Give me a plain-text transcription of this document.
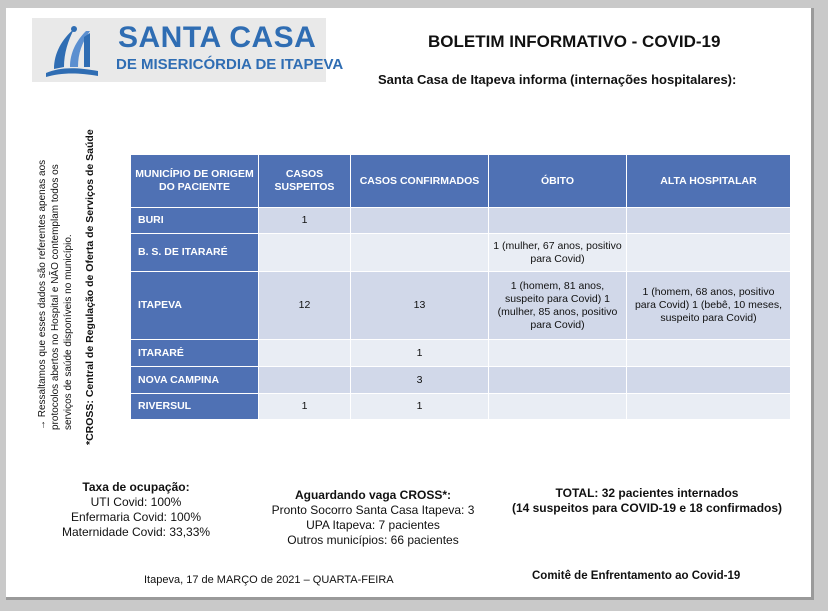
SANTA CASA
DE MISERICÓRDIA DE ITAPEVA
BOLETIM INFORMATIVO - COVID-19
Santa Casa de Itapeva informa (internações hospitalares):
→ Ressaltamos que esses dados são referentes apenas aos protocolos abertos no Hospital e NÃO contemplam todos os serviços de saúde disponíveis no município. *CROSS: Central de Regulação de Oferta de Serviços de Saúde	MUNICÍPIO DE ORIGEM DO PACIENTE	CASOS SUSPEITOS	CASOS CONFIRMADOS	ÓBITO	ALTA HOSPITALAR
BURI	1			
B. S. DE ITARARÉ			1 (mulher, 67 anos, positivo para Covid)	
ITAPEVA	12	13	1 (homem, 81 anos, suspeito para Covid) 1 (mulher, 85 anos, positivo para Covid)	1 (homem, 68 anos, positivo para Covid) 1 (bebê, 10 meses, suspeito para Covid)
ITARARÉ		1		
NOVA CAMPINA		3		
RIVERSUL	1	1		
Taxa de ocupação:
UTI Covid: 100%
Enfermaria Covid: 100%
Maternidade Covid: 33,33%
Aguardando vaga CROSS*:
Pronto Socorro Santa Casa Itapeva: 3
UPA Itapeva: 7 pacientes
Outros municípios: 66 pacientes
TOTAL: 32 pacientes internados
(14 suspeitos para COVID-19 e 18 confirmados)
Itapeva, 17 de MARÇO de 2021 – QUARTA-FEIRA	Comitê de Enfrentamento ao Covid-19
